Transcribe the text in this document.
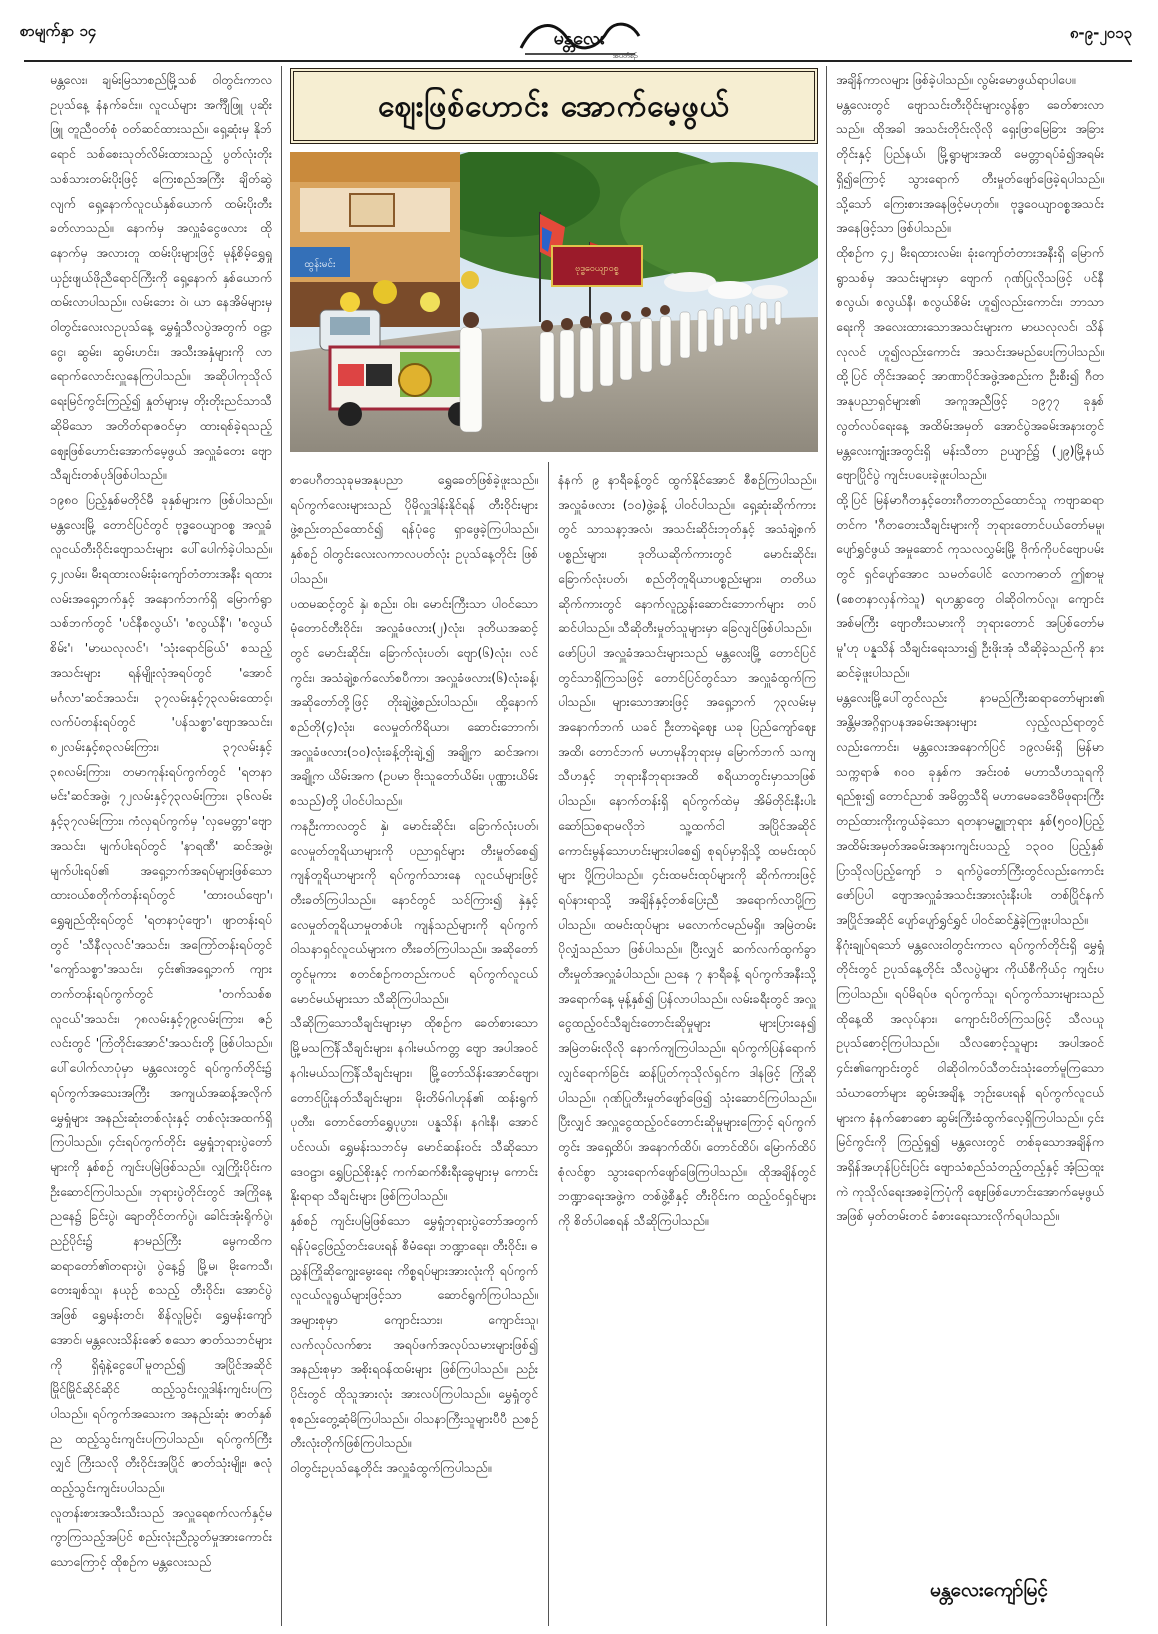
စာမျက်နှာ ၁၄	မန္တလေး
အပတ်စဉ်
၈-၉-၂၀၁၃
ဈေးဖြစ်ဟောင်း အောက်မေ့ဖွယ်
ထွန်းမင်း	ဗုဒ္ဓဝေယျာဝစ္စ
မန္တလေး၊ ချမ်းမြသာစည်မြို့သစ် ဝါတွင်းကာလ ဥပုသ်နေ့ နံနက်ခင်း။ လူငယ်များ အင်္ကျီဖြူ ပုဆိုးဖြူ တူညီဝတ်စုံ ဝတ်ဆင်ထားသည်။ ရှေ့ဆုံးမှ နိုဘ်ရောင် သစ်စေးသုတ်လိမ်းထားသည့် ပွတ်လုံးတိုးသစ်သားတမ်းပိုးဖြင့် ကြေးစည်အကြီး ချိတ်ဆွဲလျက် ရှေ့နောက်လူငယ်နှစ်ယောက် ထမ်းပိုးတီးခတ်လာသည်။ နောက်မှ အလှူခံငွေဖလား ထိုနောက်မှ အလားတူ ထမ်းပိုးများဖြင့် မုန့်စိမ့်ရွှေရှုယှဉ်းဖျယ်ဖိုညီရောင်ကြီးကို ရှေ့နောက် နှစ်ယောက်ထမ်းလာပါသည်။ လမ်းဘေး ဝဲ၊ ယာ နေအိမ်များမှ ဝါတွင်းလေးလဥပုသ်နေ့ မွှေရှုံသီလပွဲအတွက် ဝဠာ့ငွေ၊ ဆွမ်း၊ ဆွမ်းဟင်း၊ အသီးအနှံများကို လာရောက်လောင်းလှူနေကြပါသည်။ အဆိုပါကုသိုလ်ရေးမြင်ကွင်းကြည့်၍ နှုတ်များမှ တိုးတိုးညင်သာသီဆိုမိသော အတိတ်ရာဇဝင်မှာ ထားရစ်ခဲ့ရသည့် ဈေးဖြစ်ဟောင်းအောက်မေ့ဖွယ် အလှူခံတေး ဗျောသီချင်းတစ်ပုဒ်ဖြစ်ပါသည်။
၁၉၈၀ ပြည့်နှစ်မတိုင်မီ ခုနှစ်များက ဖြစ်ပါသည်။ မန္တလေးမြို့ တောင်ပြင်တွင် ဗုဒ္ဓဝေယျာဝစ္စ အလှူခံ လူငယ်တီးဝိုင်းဗျောသင်းများ ပေါ်ပေါက်ခဲ့ပါသည်။ ၄၂လမ်း၊ မီးရထားလမ်းခုံးကျော်တံတားအနီး ရထားလမ်းအရှေ့ဘက်နှင့် အနောက်ဘက်ရှိ မြောက်ရွာသစ်ဘက်တွင် 'ပင်နီစလွယ်'၊ 'စလွယ်နီ'၊ 'စလွယ်စိမ်း'၊ 'မာဃလုလင်'၊ 'သုံးရောင်ခြယ်' စသည့် အသင်းများ ရန်မျိုးလုံအရပ်တွင် 'အောင်မင်္ဂလာ'ဆင်အသင်း၊ ၃၇လမ်းနှင့်၇၃လမ်းထောင့်၊ လက်ပံတန်းရပ်တွင် 'ပန်သစ္စာ'ဗျောအသင်း၊ ၈၂လမ်းနှင့်၈၃လမ်းကြား၊ ၃၇လမ်းနှင့် ၃၈လမ်းကြား၊ တမာကုန်းရပ်ကွက်တွင် 'ရတနာမင်း'ဆင်အဖွဲ့၊ ၇၂လမ်းနှင့်၇၃လမ်းကြား၊ ၃၆လမ်းနှင့်၃၇လမ်းကြား၊ ကံလှရပ်ကွက်မှ 'လှမေတ္တာ'ဗျောအသင်း၊ မျက်ပါးရပ်တွင် 'နာရဏီ' ဆင်အဖွဲ့၊ မျက်ပါးရပ်၏ အရှေ့ဘက်အရပ်များဖြစ်သော ထားဝယ်စတိုက်တန်းရပ်တွင် 'ထားဝယ်ဗျော'၊ ရွှေချည်ထိုးရပ်တွင် 'ရတနာပုံဗျော'၊ ဖျာတန်းရပ်တွင် 'သီနီလုလင်'အသင်း၊ အကြော်တန်းရပ်တွင် 'ကျော်သစ္စာ'အသင်း၊ ၄င်း၏အရှေ့ဘက် ကျားတက်တန်းရပ်ကွက်တွင် 'တက်သစ်စလူငယ်'အသင်း၊ ၇၈လမ်းနှင့်၇၉လမ်းကြား၊ ဇဉ်လင်းတွင် 'ကြံတိုင်းအောင်'အသင်းတို့ ဖြစ်ပါသည်။ ပေါ်ပေါက်လာပုံမှာ မန္တလေးတွင် ရပ်ကွက်တိုင်း၌ ရပ်ကွက်အသေးအကြီး အကျယ်အဆန့်အလိုက် မွှေရှုံများ အနည်းဆုံးတစ်လုံးနှင့် တစ်လုံးအထက်ရှိကြပါသည်။ ၄င်းရပ်ကွက်တိုင်း မွှေရှုံဘုရားပွဲတော်များကို နှစ်စဉ် ကျင်းပမြဲဖြစ်သည်။ လျှကြိုးပိုင်းက ဦးဆောင်ကြပါသည်။ ဘုရားပွဲတိုင်းတွင် အကြိုနေ့ ညနေ၌ ခြင်းပွဲ၊ ချောတိုင်တက်ပွဲ၊ ခေါင်းအုံးရိုက်ပွဲ၊ ညဉ်ပိုင်း၌ နာမည်ကြီး မွေကထိကဆရာတော်၏တရားပွဲ၊ ပွဲနေ့၌ မြို့မ၊ မိုးကေသီ၊ တေးချစ်သူ၊ နယုဉ် စသည့် တီးဝိုင်း၊ အောင်ပွဲအဖြစ် ရွှေမန်းတင်၊ စိန်လူမြင့်၊ ရွှေမန်းကျော်အောင်၊ မန္တလေးသိန်းဇော် စသော ဇာတ်သဘင်များကို ရှိရုံနဲ့ငွေပေါ်မူတည်၍ အပြိုင်အဆိုင် မြိုင်မြိုင်ဆိုင်ဆိုင် ထည့်သွင်းလှူဒါန်းကျင်းပကြပါသည်။ ရပ်ကွက်အသေးက အနည်းဆုံး ဇာတ်နှစ်ည ထည့်သွင်းကျင်းပကြပါသည်။ ရပ်ကွက်ကြီးလျှင် ကြီးသလို တီးဝိုင်းအပြိုင် ဇာတ်သုံးမျိုး၊ ဇလုံ ထည့်သွင်းကျင်းပပါသည်။
လူတန်းစားအသီးသီးသည် အလှူရေစက်လက်နှင့်မကွာကြသည့်အပြင် စည်းလုံးညီညွတ်မှုအားကောင်းသောကြောင့် ထိုစဉ်က မန္တလေးသည်
စာပေဂီတသုခုမအနုပညာ ရွှေခေတ်ဖြစ်ခဲ့ဖူးသည်။ ရပ်ကွက်လေးများသည် ပိုမိုလှူဒါန်းနိုင်ရန် တီးဝိုင်းများဖွဲ့စည်းတည်ထောင်၍ ရန်ပုံငွေ ရှာဖွေခဲ့ကြပါသည်။ နှစ်စဉ် ဝါတွင်းလေးလကာလပတ်လုံး ဥပုသ်နေ့တိုင်း ဖြစ်ပါသည်။
ပထမဆင့်တွင် နှဲ၊ စည်း၊ ဝါး၊ မောင်းကြီးသာ ပါဝင်သော မုံတောင်တီးဝိုင်း၊ အလှူခံဖလား(၂)လုံး၊ ဒုတိယအဆင့်တွင် မောင်းဆိုင်း၊ ခြောက်လုံးပတ်၊ ဗျော(၆)လုံး၊ လင်ကွင်း၊ အသံချဲ့စက်လော်စပီကာ၊ အလှူခံဖလား(၆)လုံးခန့်၊ အဆိုတော်တို့ဖြင့် တိုးချဲ့ဖွဲ့စည်းပါသည်။ ထို့နောက် စည်တို(၄)လုံး၊ လေမှုတ်ကိရိယာ၊ ဆောင်းဘောက်၊ အလှူခံဖလား(၁၀)လုံးခန့်တိုးချဲ့၍ အချို့က ဆင်အက၊ အချို့က ယိမ်းအက (ဥပမာ ဗိုးသူတော်ယိမ်း၊ ပုဏ္ဏားယိမ်း စသည်)တို့ ပါဝင်ပါသည်။
ကနဦးကာလတွင် နှဲ၊ မောင်းဆိုင်း၊ ခြောက်လုံးပတ်၊ လေမှုတ်တူရိယာများကို ပညာရှင်များ တီးမှုတ်စေ၍ ကျန်တူရိယာများကို ရပ်ကွက်သားနေ လူငယ်များဖြင့် တီးခတ်ကြပါသည်။ နောင်တွင် သင်ကြား၍ နှဲနှင့် လေမှုတ်တူရိယာမှုတစ်ပါး ကျန်သည်များကို ရပ်ကွက်ဝါသနာရှင်လူငယ်များက တီးခတ်ကြပါသည်။ အဆိုတော်တွင်မူကား စတင်စဉ်ကတည်းကပင် ရပ်ကွက်လူငယ်မောင်မယ်များသာ သီဆိုကြပါသည်။
သီဆိုကြသောသီချင်းများမှာ ထိုစဉ်က ခေတ်စားသော မြို့မသကြင်္န်သီချင်းများ၊ နဂါးမယ်ကတ္တ ဗျော အပါအဝင် နဂါးမယ်သကြင်္န်သီချင်းများ၊ မြို့တော်သိန်းအောင်ဗျော၊ တောင်ပြုံးနတ်သီချင်းများ၊ မိုးတိမ်ဂါဟုန်၏ ထန်းရွက်ပုတီး၊ တောင်တော်ရွှေပုပ္ပား၊ ပန္နသိန်၊ နဂါးနီ၊ အောင်ပင်လယ်၊ ရွှေမန်းသဘင်မှ မောင်ဆန်းဝင်း သီဆိုသော ဒေဝဠာ၊ ရွှေပြည်စိုးနှင့် ကက်ဆက်စီးရီးခွေများမှ ကောင်းနိုးရာရာ သီချင်းများ ဖြစ်ကြပါသည်။
နှစ်စဉ် ကျင်းပမြဲဖြစ်သော မွှေရှုံဘုရားပွဲတော်အတွက် ရန်ပုံငွေဖြည့်တင်းပေးရန် စီမံရေး၊ ဘဏ္ဍာရေး၊ တီးဝိုင်း၊ ဓညွှန်ကြိုဆိုကျွေးမွေးရေး ကိစ္စရပ်များအားလုံးကို ရပ်ကွက်လူငယ်လူရွယ်များဖြင့်သာ ဆောင်ရွက်ကြပါသည်။ အများစုမှာ ကျောင်းသား၊ ကျောင်းသူ၊ လက်လုပ်လက်စား အရပ်ဖက်အလုပ်သမားများဖြစ်၍ အနည်းစုမှာ အစိုးရဝန်ထမ်းများ ဖြစ်ကြပါသည်။ ညဉ်းပိုင်းတွင် ထိုသူအားလုံး အားလပ်ကြပါသည်။ မွှေရှုံတွင် စုစည်းတွေ့ဆုံမိကြပါသည်။ ဝါသနာကြီးသူများပီပီ ညစဉ် တီးလုံးတိုက်ဖြစ်ကြပါသည်။
ဝါတွင်းဥပုသ်နေ့တိုင်း အလှူခံထွက်ကြပါသည်။
နံနက် ၉ နာရီခန့်တွင် ထွက်နိုင်အောင် စီစဉ်ကြပါသည်။ အလှူခံဖလား (၁၀)ဖွဲ့ခန့် ပါဝင်ပါသည်။ ရှေ့ဆုံးဆိုက်ကားတွင် သာသနာ့အလံ၊ အသင်းဆိုင်းဘုတ်နှင့် အသံချဲ့စက်ပစ္စည်းများ၊ ဒုတိယဆိုက်ကားတွင် မောင်းဆိုင်း၊ ခြောက်လုံးပတ်၊ စည်တိုတူရိယာပစ္စည်းများ၊ တတိယဆိုက်ကားတွင် နောက်လူညွှန်းဆောင်းဘောက်များ တပ်ဆင်ပါသည်။ သီဆိုတီးမှုတ်သူများမှာ ခြေလျင်ဖြစ်ပါသည်။
ဖော်ပြပါ အလှူခံအသင်းများသည် မန္တလေးမြို့ တောင်ပြင်တွင်သာရှိကြသဖြင့် တောင်ပြင်တွင်သာ အလှူခံထွက်ကြပါသည်။ များသောအားဖြင့် အရှေ့ဘက် ၇၃လမ်းမှ အနောက်ဘက် ယခင် ဦးတာရဲ့ဈေး ယခု ပြည်ကျော်ဈေးအထိ၊ တောင်ဘက် မဟာမုနိဘုရားမှ မြောက်ဘက် သကျသီဟနှင့် ဘုရားနီဘုရားအထိ စရိယာတွင်းမှာသာဖြစ်ပါသည်။ နောက်တန်းရှိ ရပ်ကွက်ထဲမှ အိမ်တိုင်းနီးပါး ဆော်ဩစရာမလိုဘဲ သူ့ထက်ငါ အပြိုင်အဆိုင် ကောင်းမွန်သောဟင်းများပါစေ၍ စုရပ်မှာရှိသို့ ထမင်းထုပ်များ ပို့ကြပါသည်။ ၄င်းထမင်းထုပ်များကို ဆိုက်ကားဖြင့် ရပ်နားရာသို့ အချိန်နှင့်တစ်ပြေးညီ အရောက်လာပို့ကြပါသည်။ ထမင်းထုပ်များ မလောက်ငမည်မရှိ။ အမြဲတမ်း ပိုလျှံသည်သာ ဖြစ်ပါသည်။ ပြီးလျှင် ဆက်လက်ထွက်ခွာတီးမှုတ်အလှူခံပါသည်။ ညနေ ၇ နာရီခန့် ရပ်ကွက်အနီးသို့ အရောက်နေ့ မုန့်နှစ်၍ ပြန်လာပါသည်။ လမ်းခရီးတွင် အလှူငွေထည့်ဝင်သီချင်းတောင်းဆိုမှုများ များပြားနေ၍ အမြဲတမ်းလိုလို နောက်ကျကြပါသည်။ ရပ်ကွက်ပြန်ရောက်လျှင်ရောက်ခြင်း ဆန်ပြုတ်ကုသိုလ်ရှင်က ဒါနဖြင့် ကြိုဆိုပါသည်။ ဂုဏ်ပြုတီးမှုတ်ဖျော်ဖြေ၍ သုံးဆောင်ကြပါသည်။ ပြီးလျှင် အလှူငွေထည့်ဝင်တောင်းဆိုမှုများကြောင့် ရပ်ကွက်တွင်း အရှေ့ထိပ်၊ အနောက်ထိပ်၊ တောင်ထိပ်၊ မြောက်ထိပ် စုံလင်စွာ သွားရောက်ဖျော်ဖြေကြပါသည်။ ထိုအချိန်တွင် ဘဏ္ဍာရေးအဖွဲ့က တစ်ဖွဲ့စီနှင့် တီးဝိုင်းက ထည့်ဝင်ရှင်များကို စိတ်ပါစေရန် သီဆိုကြပါသည်။
အချိန်ကာလများ ဖြစ်ခဲ့ပါသည်။ လွမ်းမောဖွယ်ရာပါပေ။
မန္တလေးတွင် ဗျောသင်းတီးဝိုင်းများလွန်စွာ ခေတ်စားလာသည်။ ထိုအခါ အသင်းတိုင်းလိုလို ရှေးဖြာမြေခြား အခြားတိုင်းနှင့် ပြည်နယ်၊ မြို့ရွာများအထိ မေတ္တာရပ်ခံ၍အရမ်းရှိ၍ကြောင့် သွားရောက် တီးမှုတ်ဖျော်ဖြေခဲ့ရပါသည်။ သို့သော် ကြေးစားအနေဖြင့်မဟုတ်။ ဗုဒ္ဓဝေယျာဝစ္စအသင်းအနေဖြင့်သာ ဖြစ်ပါသည်။
ထိုစဉ်က ၄၂ မီးရထားလမ်း၊ ခုံးကျော်တံတားအနီးရှိ မြောက်ရွာသစ်မှ အသင်းများမှာ ဗျောက် ဂုဏ်ပြုလိုသဖြင့် ပင်နီစလွယ်၊ စလွယ်နီ၊ စလွယ်စိမ်း ဟူ၍လည်းကောင်း၊ ဘာသာရေးကို အလေးထားသောအသင်းများက မာဃလုလင်၊ သိန်လုလင် ဟူ၍လည်းကောင်း အသင်းအမည်ပေးကြပါသည်။ ထို့ပြင် တိုင်းအဆင့် အာဏာပိုင်အဖွဲ့အစည်းက ဦးစီး၍ ဂီတအနုပညာရှင်များ၏ အကူအညီဖြင့် ၁၉၇၇ ခုနှစ် လွတ်လပ်ရေးနေ့ အထိမ်းအမှတ် အောင်ပွဲအခမ်းအနားတွင် မန္တလေးကျုံးအတွင်းရှိ မန်းသီတာ ဥယျာဉ်၌ (၂၉)မြို့နယ် ဗျောပြိုင်ပွဲ ကျင်းပပေးခဲ့ဖူးပါသည်။
ထို့ပြင် မြန်မာဂီတနှင့်တေးဂီတာတည်ထောင်သူ ကဗျာဆရာတင်က 'ဂီတတေးသီချင်းများကို ဘုရားတောင်ပယ်တော်မမူ၊ ပျော်ရွှင်ဖွယ် အမှုဆောင် ကုသလလွှမ်းမြို့ ဗိုက်ကိုပင်ဗျောပမ်းတွင် ရှင်ပျော်အောင သမတ်ပေါင် လောကဓာတ် ဤစာမူ (စေတနာလှန်ကဲသူ) ရဟန္တာတွေ ဝါဆိုဝါကပ်လူ၊ ကျောင်းအစ်မကြီး ဗျောတီးသမားကို ဘုရားတောင် အပြစ်တော်မမူ'ဟု ပန္နသိန် သီချင်းရေးသား၍ ဦးဖိုးအုံ သီဆိုခဲ့သည်ကို နားဆင်ခဲ့ဖူးပါသည်။
မန္တလေးမြို့ပေါ်တွင်လည်း နာမည်ကြီးဆရာတော်များ၏ အန္တိမအဂ္ဂိရှာပနအခမ်းအနားများ လှည့်လည်ရာတွင်လည်းကောင်း၊ မန္တလေးအနောက်ပြင် ၁၉လမ်းရှိ မြန်မာသက္ကရာဇ် ၈၀၀ ခုနှစ်က အင်းဝစံ မဟာသီဟသူရကို ရည်စူး၍ တောင်ညာစ် အမိတ္တသီရိ မဟာမေခဒေဝီမိဖုရားကြီး တည်ထားကိုးကွယ်ခဲ့သော ရတနာမဉ္ဇူဘုရား နှစ်(၅၀၀)ပြည့် အထိမ်းအမှတ်အခမ်းအနားကျင်းပသည့် ၁၃၀၀ ပြည့်နှစ် ပြာသိုလပြည့်ကျော် ၁ ရက်ပွဲတော်ကြီးတွင်လည်းကောင်း ဖော်ပြပါ ဗျောအလှူခံအသင်းအားလုံးနီးပါး တစ်ပြိုင်နက် အပြိုင်အဆိုင် ပျော်ပျော်ရွှင်ရွှင် ပါဝင်ဆင်နွှဲခဲ့ကြဖူးပါသည်။
နိဂုံးချုပ်ရသော် မန္တလေးဝါတွင်းကာလ ရပ်ကွက်တိုင်းရှိ မွှေရှုံတိုင်းတွင် ဥပုသ်နေ့တိုင်း သီလပွဲများ ကိုယ်စီကိုယ်ငှ ကျင်းပကြပါသည်။ ရပ်မိရပ်ဖ ရပ်ကွက်သူ၊ ရပ်ကွက်သားများသည် ထိုနေ့ထိ အလုပ်နား၊ ကျောင်းပိတ်ကြသဖြင့် သီလယူဥပုသ်စောင့်ကြပါသည်။ သီလစောင့်သူများ အပါအဝင် ၄င်း၏ကျောင်းတွင် ဝါဆိုဝါကပ်သီတင်းသုံးတော်မူကြသော သံဃာတော်များ ဆွမ်းအချိန့ ဘုဉ်းပေးရန် ရပ်ကွက်လူငယ်များက နံနက်စောစော ဆွမ်းကြီးခံထွက်လေ့ရှိကြပါသည်။ ၄င်းမြင်ကွင်းကို ကြည့်ရှု၍ မန္တလေးတွင် တစ်ခုသောအချိန်က အရှိန်အဟုန်ပြင်းပြင်း ဗျောသံစည်သံတည့်တည့်နှင့် အံ့သြထူးကဲ ကုသိုလ်ရေးအစခဲ့ကြပုံကို ဈေးဖြစ်ဟောင်းအောက်မေ့ဖွယ်အဖြစ် မှတ်တမ်းတင် ခံစားရေးသားလိုက်ရပါသည်။
မန္တလေးကျော်မြင့်
